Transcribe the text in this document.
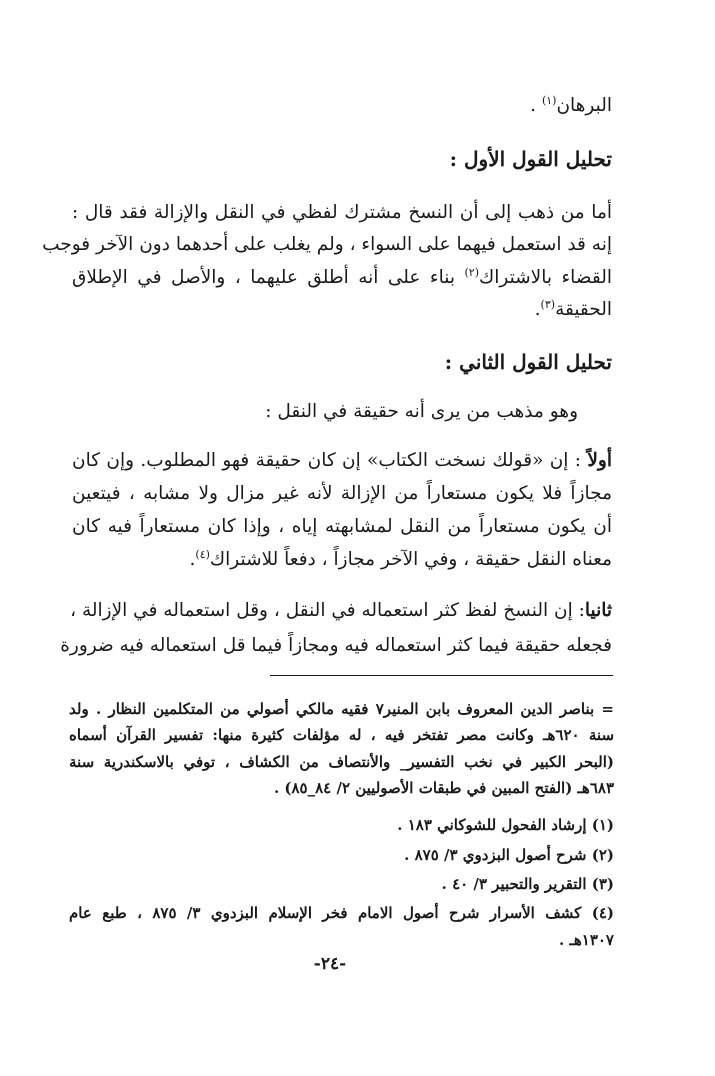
البرهان$^{(١)}$ .
تحليل القول الأول :
أما من ذهب إلى أن النسخ مشترك لفظي في النقل والإزالة فقد قال :
إنه قد استعمل فيهما على السواء ، ولم يغلب على أحدهما دون الآخر فوجب
القضاء بالاشتراك$^{(٢)}$ بناء على أنه أطلق عليهما ، والأصل في الإطلاق
الحقيقة$^{(٣)}$.
تحليل القول الثاني :
وهو مذهب من يرى أنه حقيقة في النقل :
أولاً : إن «قولك نسخت الكتاب» إن كان حقيقة فهو المطلوب. وإن كان
مجازاً فلا يكون مستعاراً من الإزالة لأنه غير مزال ولا مشابه ، فيتعين
أن يكون مستعاراً من النقل لمشابهته إياه ، وإذا كان مستعاراً فيه كان
معناه النقل حقيقة ، وفي الآخر مجازاً ، دفعاً للاشتراك$^{(٤)}$.
ثانيا: إن النسخ لفظ كثر استعماله في النقل ، وقل استعماله في الإزالة ،
فجعله حقيقة فيما كثر استعماله فيه ومجازاً فيما قل استعماله فيه ضرورة
= بناصر الدين المعروف بابن المنير٧ فقيه مالكي أصولي من المتكلمين النظار . ولد
سنة ٦٢٠هـ وكانت مصر تفتخر فيه ، له مؤلفات كثيرة منها: تفسير القرآن أسماه
(البحر الكبير في نخب التفسير_ والأنتصاف من الكشاف ، توفي بالاسكندرية سنة
٦٨٣هـ (الفتح المبين في طبقات الأصوليين ٢/ ٨٤_٨٥) .
(١) إرشاد الفحول للشوكاني ١٨٣ .
(٢) شرح أصول البزدوي ٣/ ٨٧٥ .
(٣) التقرير والتحبير ٣/ ٤٠ .
(٤) كشف الأسرار شرح أصول الامام فخر الإسلام البزدوي ٣/ ٨٧٥ ، طبع عام
١٣٠٧هـ .
-٢٤-
